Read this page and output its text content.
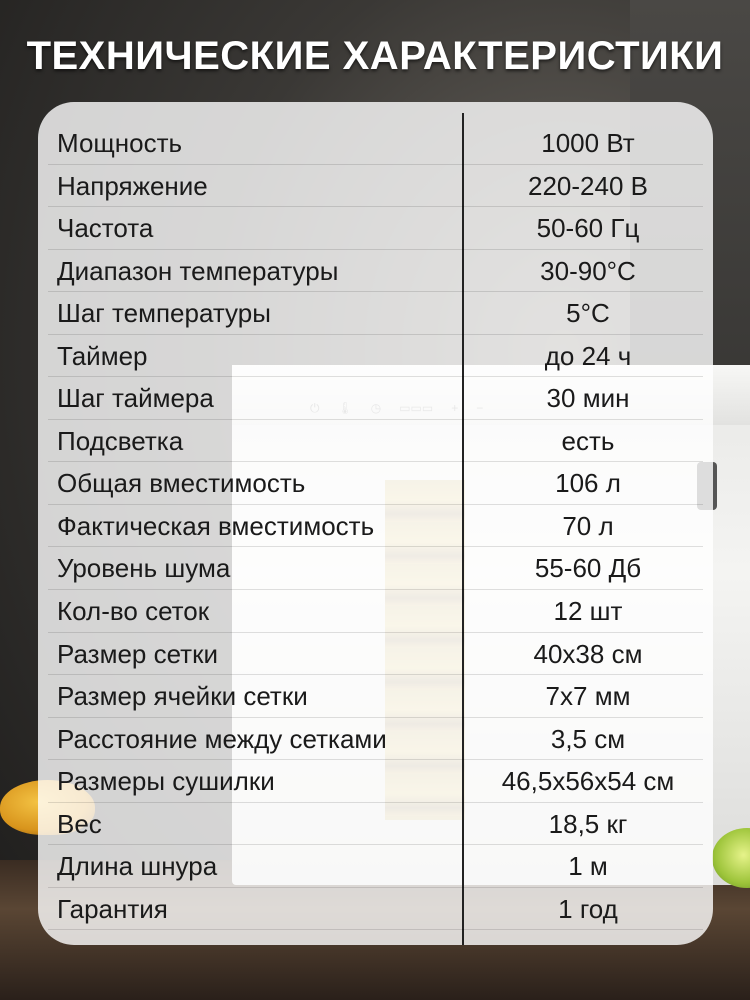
ТЕХНИЧЕСКИЕ ХАРАКТЕРИСТИКИ
Мощность	1000 Вт
Напряжение	220-240 В
Частота	50-60 Гц
Диапазон температуры	30-90°С
Шаг температуры	5°С
Таймер	до 24 ч
Шаг таймера	30 мин
Подсветка	есть
Общая вместимость	106 л
Фактическая вместимость	70 л
Уровень шума	55-60 Дб
Кол-во сеток	12 шт
Размер сетки	40х38 см
Размер ячейки сетки	7х7 мм
Расстояние между сетками	3,5 см
Размеры сушилки	46,5х56х54 см
Вес	18,5 кг
Длина шнура	1 м
Гарантия	1 год
